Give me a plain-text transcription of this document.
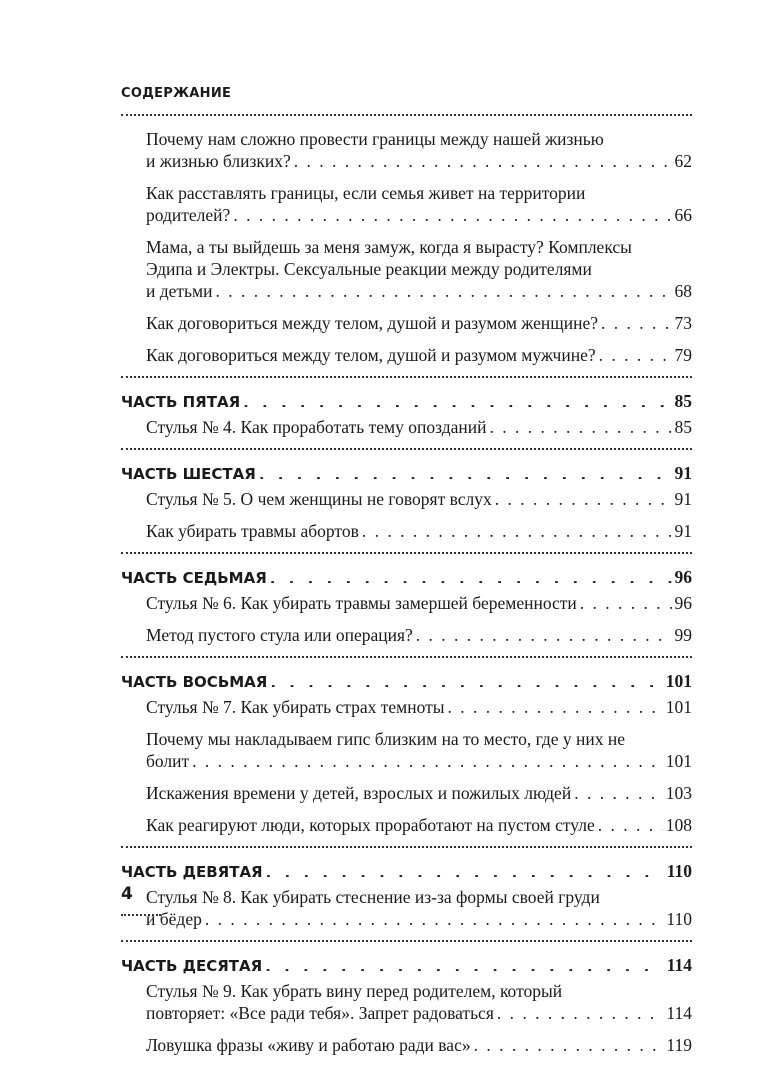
СОДЕРЖАНИЕ
Почему нам сложно провести границы между нашей жизнью
и жизнью близких? . . .	62
Как расставлять границы, если семья живет на территории
родителей? . . .	66
Мама, а ты выйдешь за меня замуж, когда я вырасту? Комплексы
Эдипа и Электры. Сексуальные реакции между родителями
и детьми . . .	68
Как договориться между телом, душой и разумом женщине? . . .	73
Как договориться между телом, душой и разумом мужчине? . . .	79
ЧАСТЬ ПЯТАЯ . . .	85
Стулья № 4. Как проработать тему опозданий . . .	85
ЧАСТЬ ШЕСТАЯ . . .	91
Стулья № 5. О чем женщины не говорят вслух . . .	91
Как убирать травмы абортов . . .	91
ЧАСТЬ СЕДЬМАЯ . . .	96
Стулья № 6. Как убирать травмы замершей беременности . . .	96
Метод пустого стула или операция? . . .	99
ЧАСТЬ ВОСЬМАЯ . . .	101
Стулья № 7. Как убирать страх темноты . . .	101
Почему мы накладываем гипс близким на то место, где у них не
болит . . .	101
Искажения времени у детей, взрослых и пожилых людей . . .	103
Как реагируют люди, которых проработают на пустом стуле . . .	108
ЧАСТЬ ДЕВЯТАЯ . . .	110
Стулья № 8. Как убирать стеснение из-за формы своей груди
и бёдер . . .	110
ЧАСТЬ ДЕСЯТАЯ . . .	114
Стулья № 9. Как убрать вину перед родителем, который
повторяет: «Все ради тебя». Запрет радоваться . . .	114
Ловушка фразы «живу и работаю ради вас» . . .	119
4
